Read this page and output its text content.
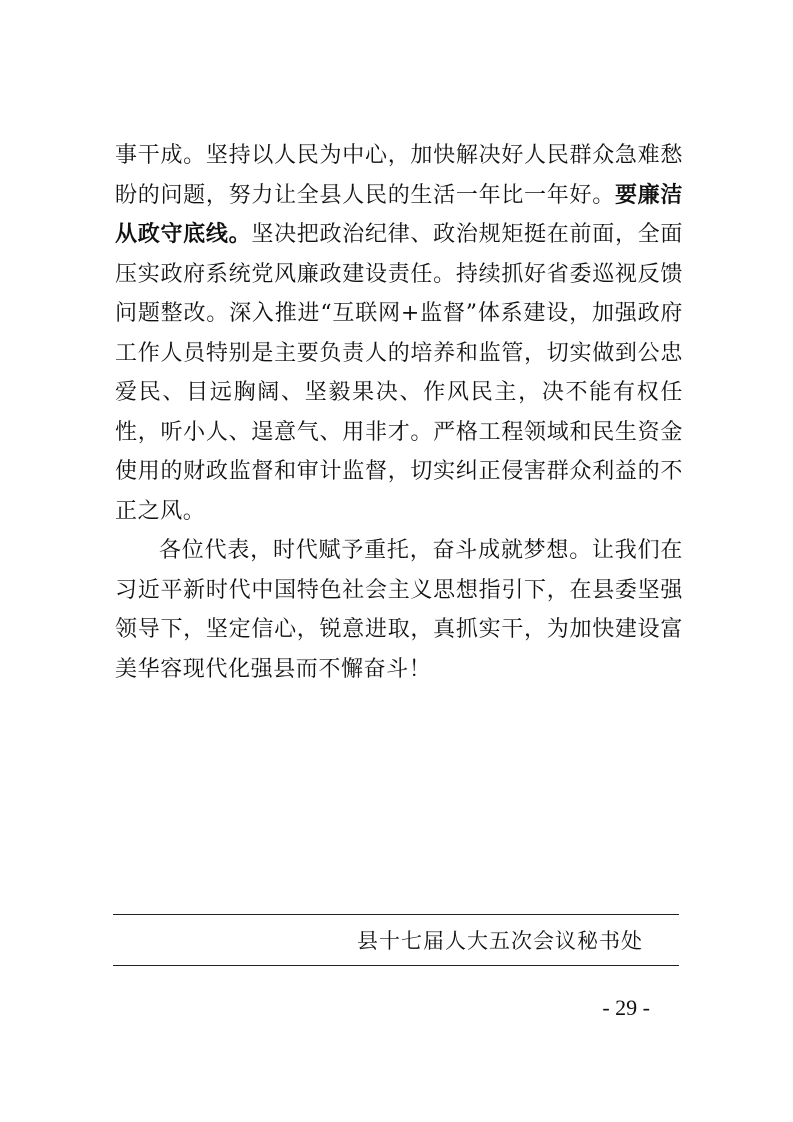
事干成。坚持以人民为中心，加快解决好人民群众急难愁盼的问题，努力让全县人民的生活一年比一年好。要廉洁从政守底线。坚决把政治纪律、政治规矩挺在前面，全面压实政府系统党风廉政建设责任。持续抓好省委巡视反馈问题整改。深入推进“互联网+监督”体系建设，加强政府工作人员特别是主要负责人的培养和监管，切实做到公忠爱民、目远胸阔、坚毅果决、作风民主，决不能有权任性，听小人、逞意气、用非才。严格工程领域和民生资金使用的财政监督和审计监督，切实纠正侵害群众利益的不正之风。

各位代表，时代赋予重托，奋斗成就梦想。让我们在习近平新时代中国特色社会主义思想指引下，在县委坚强领导下，坚定信心，锐意进取，真抓实干，为加快建设富美华容现代化强县而不懈奋斗！

县十七届人大五次会议秘书处
- 29 -
